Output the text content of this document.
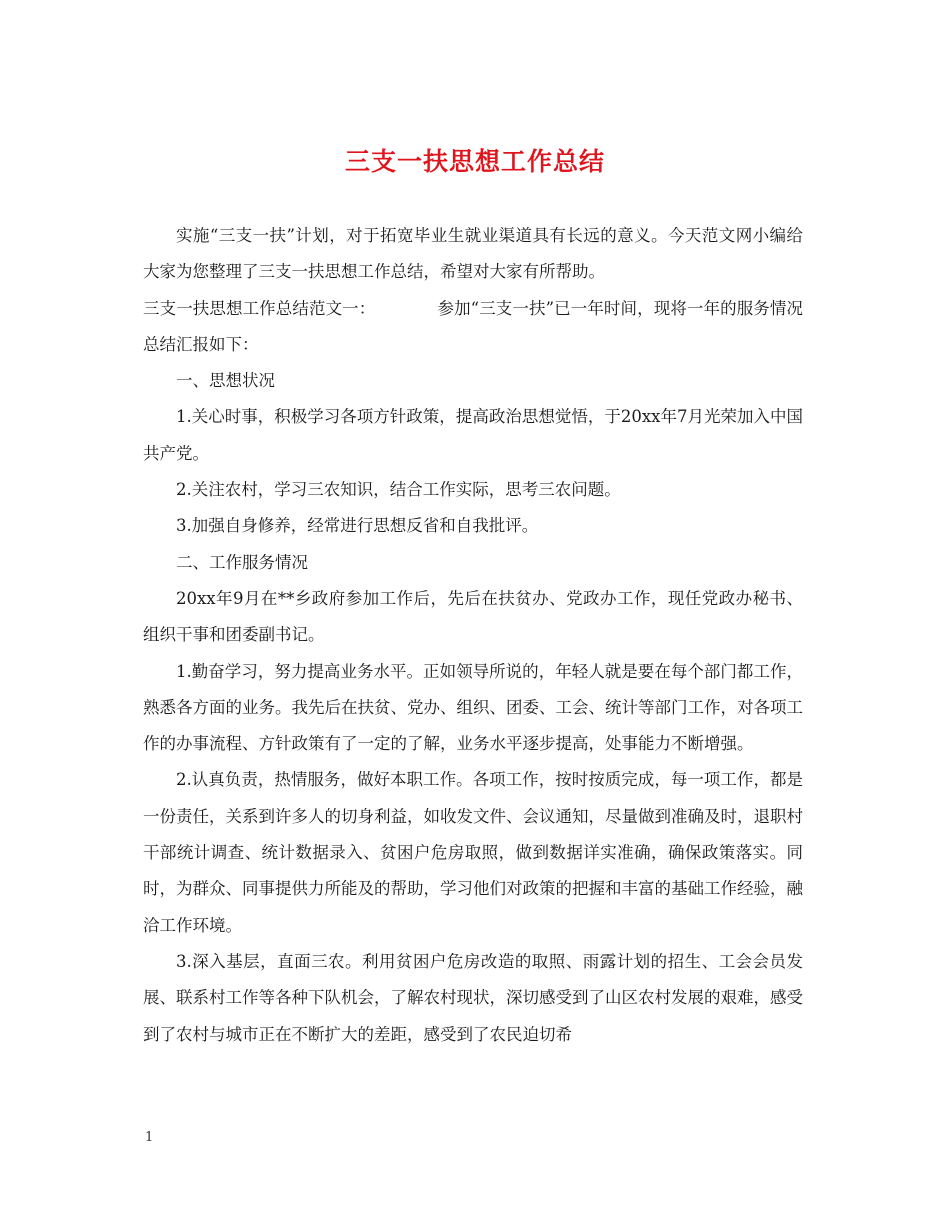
三支一扶思想工作总结

实施“三支一扶”计划，对于拓宽毕业生就业渠道具有长远的意义。今天范文网小编给大家为您整理了三支一扶思想工作总结，希望对大家有所帮助。

三支一扶思想工作总结范文一：	参加“三支一扶”已一年时间，现将一年的服务情况总结汇报如下：

一、思想状况

1.关心时事，积极学习各项方针政策，提高政治思想觉悟，于20xx年7月光荣加入中国共产党。

2.关注农村，学习三农知识，结合工作实际，思考三农问题。

3.加强自身修养，经常进行思想反省和自我批评。

二、工作服务情况

20xx年9月在**乡政府参加工作后，先后在扶贫办、党政办工作，现任党政办秘书、组织干事和团委副书记。

1.勤奋学习，努力提高业务水平。正如领导所说的，年轻人就是要在每个部门都工作，熟悉各方面的业务。我先后在扶贫、党办、组织、团委、工会、统计等部门工作，对各项工作的办事流程、方针政策有了一定的了解，业务水平逐步提高，处事能力不断增强。

2.认真负责，热情服务，做好本职工作。各项工作，按时按质完成，每一项工作，都是一份责任，关系到许多人的切身利益，如收发文件、会议通知，尽量做到准确及时，退职村干部统计调查、统计数据录入、贫困户危房取照，做到数据详实准确，确保政策落实。同时，为群众、同事提供力所能及的帮助，学习他们对政策的把握和丰富的基础工作经验，融洽工作环境。

3.深入基层，直面三农。利用贫困户危房改造的取照、雨露计划的招生、工会会员发展、联系村工作等各种下队机会，了解农村现状，深切感受到了山区农村发展的艰难，感受到了农村与城市正在不断扩大的差距，感受到了农民迫切希

1
